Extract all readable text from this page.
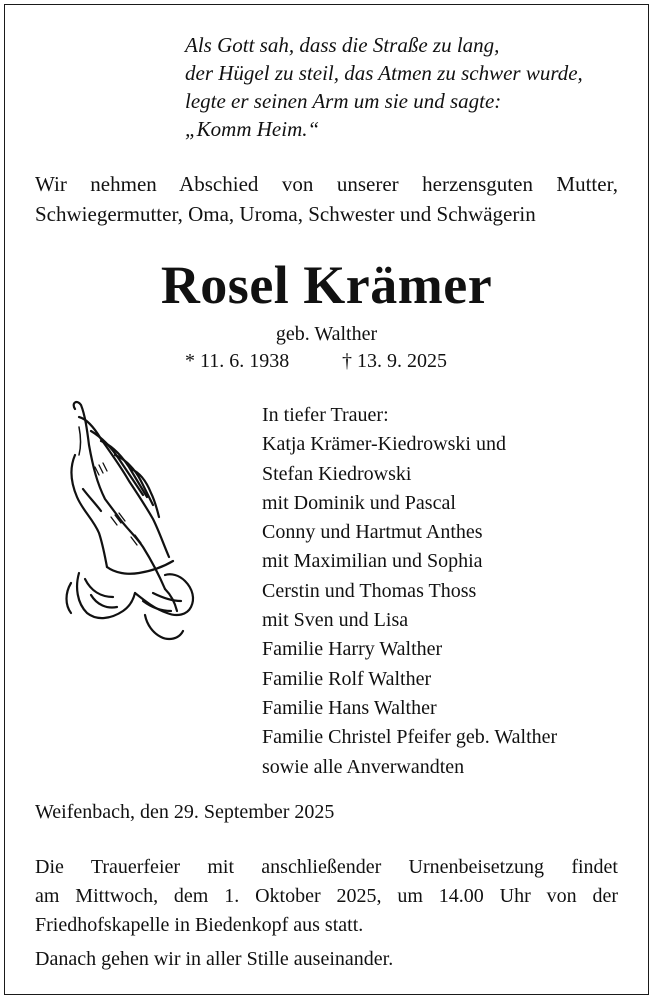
Als Gott sah, dass die Straße zu lang,
der Hügel zu steil, das Atmen zu schwer wurde,
legte er seinen Arm um sie und sagte:
„Komm Heim.“
Wir nehmen Abschied von unserer herzensguten Mutter,
Schwiegermutter, Oma, Uroma, Schwester und Schwägerin
Rosel Krämer
geb. Walther
* 11. 6. 1938	† 13. 9. 2025
In tiefer Trauer:
Katja Krämer-Kiedrowski und
Stefan Kiedrowski
mit Dominik und Pascal
Conny und Hartmut Anthes
mit Maximilian und Sophia
Cerstin und Thomas Thoss
mit Sven und Lisa
Familie Harry Walther
Familie Rolf Walther
Familie Hans Walther
Familie Christel Pfeifer geb. Walther
sowie alle Anverwandten
Weifenbach, den 29. September 2025
Die Trauerfeier mit anschließender Urnenbeisetzung findet
am Mittwoch, dem 1. Oktober 2025, um 14.00 Uhr von der
Friedhofskapelle in Biedenkopf aus statt.
Danach gehen wir in aller Stille auseinander.
